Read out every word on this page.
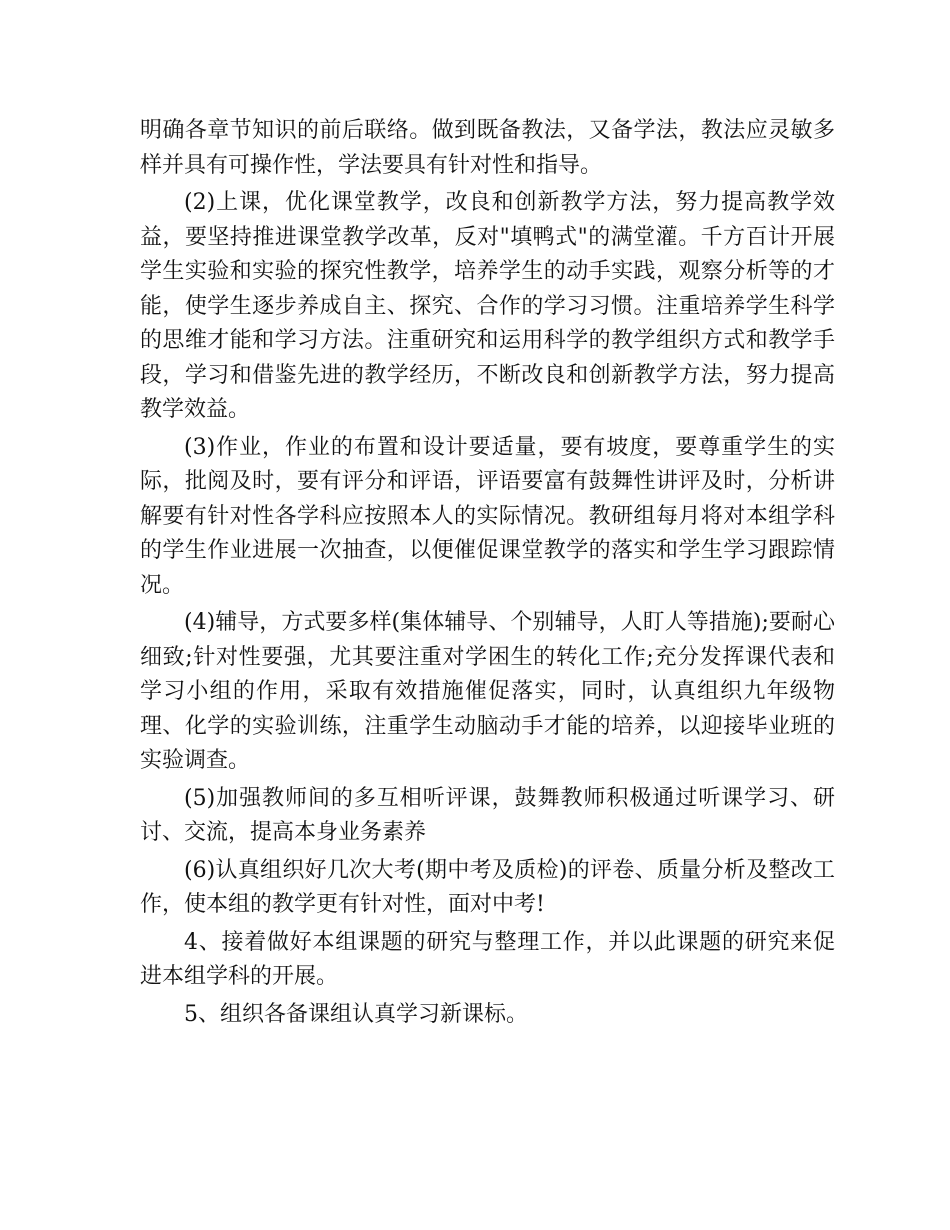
明确各章节知识的前后联络。做到既备教法，又备学法，教法应灵敏多样并具有可操作性，学法要具有针对性和指导。

(2)上课，优化课堂教学，改良和创新教学方法，努力提高教学效益，要坚持推进课堂教学改革，反对"填鸭式"的满堂灌。千方百计开展学生实验和实验的探究性教学，培养学生的动手实践，观察分析等的才能，使学生逐步养成自主、探究、合作的学习习惯。注重培养学生科学的思维才能和学习方法。注重研究和运用科学的教学组织方式和教学手段，学习和借鉴先进的教学经历，不断改良和创新教学方法，努力提高教学效益。

(3)作业，作业的布置和设计要适量，要有坡度，要尊重学生的实际，批阅及时，要有评分和评语，评语要富有鼓舞性讲评及时，分析讲解要有针对性各学科应按照本人的实际情况。教研组每月将对本组学科的学生作业进展一次抽查，以便催促课堂教学的落实和学生学习跟踪情况。

(4)辅导，方式要多样(集体辅导、个别辅导，人盯人等措施);要耐心细致;针对性要强，尤其要注重对学困生的转化工作;充分发挥课代表和学习小组的作用，采取有效措施催促落实，同时，认真组织九年级物理、化学的实验训练，注重学生动脑动手才能的培养，以迎接毕业班的实验调查。

(5)加强教师间的多互相听评课，鼓舞教师积极通过听课学习、研讨、交流，提高本身业务素养

(6)认真组织好几次大考(期中考及质检)的评卷、质量分析及整改工作，使本组的教学更有针对性，面对中考!

4、接着做好本组课题的研究与整理工作，并以此课题的研究来促进本组学科的开展。

5、组织各备课组认真学习新课标。
